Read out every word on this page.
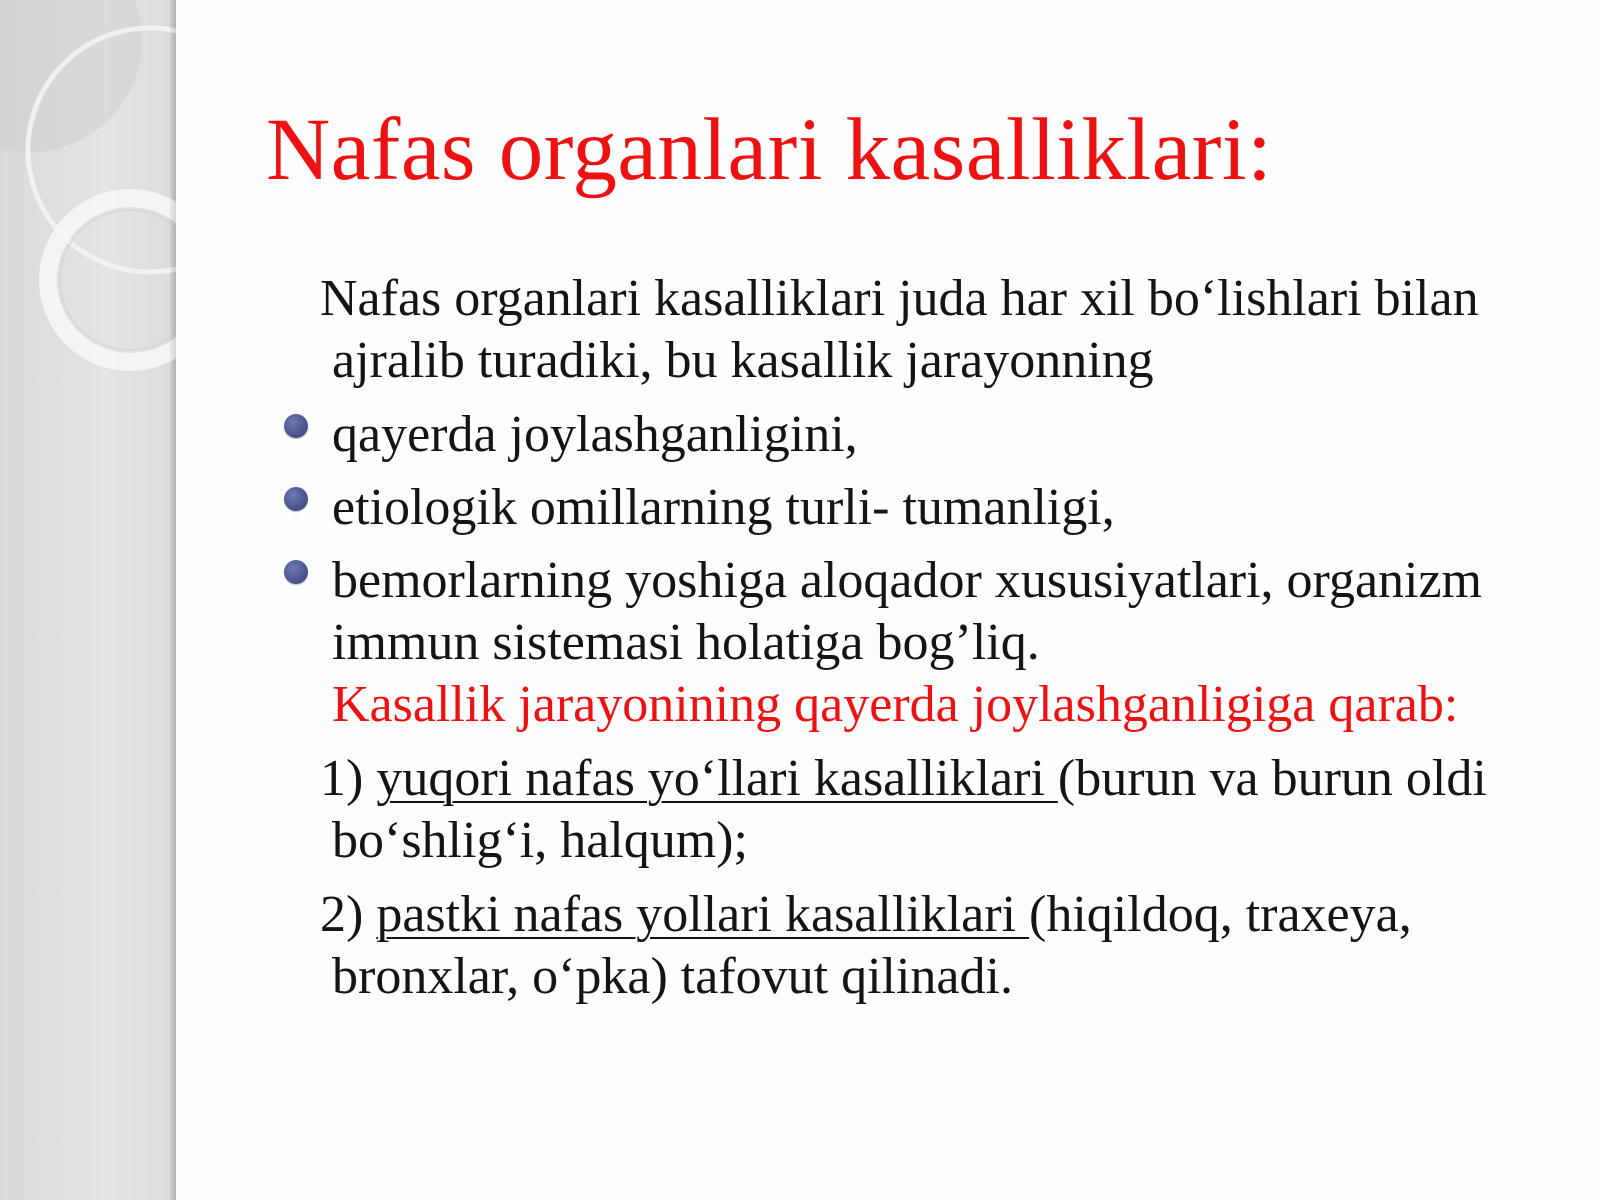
Nafas organlari kasalliklari:

Nafas organlari kasalliklari juda har xil bo‘lishlari bilan ajralib turadiki, bu kasallik jarayonning

qayerda joylashganligini,
etiologik omillarning turli- tumanligi,
bemorlarning yoshiga aloqador xususiyatlari, organizm immun sistemasi holatiga bog’liq.
Kasallik jarayonining qayerda joylashganligiga qarab:

1) yuqori nafas yo‘llari kasalliklari (burun va burun oldi bo‘shlig‘i, halqum);

2) pastki nafas yollari kasalliklari (hiqildoq, traxeya, bronxlar, o‘pka) tafovut qilinadi.
